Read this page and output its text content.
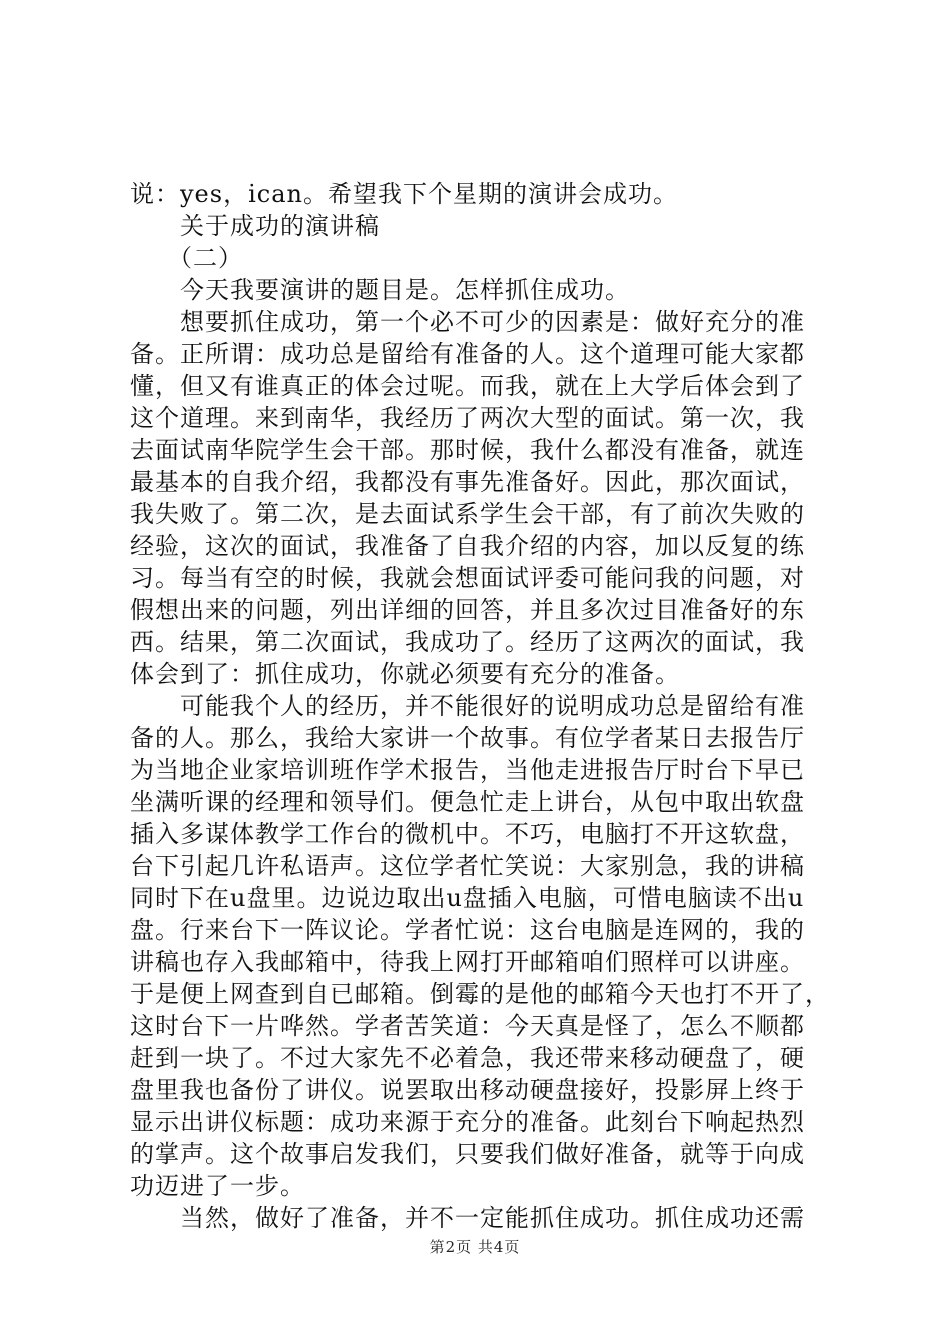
说：yes，ican。希望我下个星期的演讲会成功。
　　关于成功的演讲稿
　　（二）
　　今天我要演讲的题目是。怎样抓住成功。
　　想要抓住成功，第一个必不可少的因素是：做好充分的准
备。正所谓：成功总是留给有准备的人。这个道理可能大家都
懂，但又有谁真正的体会过呢。而我，就在上大学后体会到了
这个道理。来到南华，我经历了两次大型的面试。第一次，我
去面试南华院学生会干部。那时候，我什么都没有准备，就连
最基本的自我介绍，我都没有事先准备好。因此，那次面试，
我失败了。第二次，是去面试系学生会干部，有了前次失败的
经验，这次的面试，我准备了自我介绍的内容，加以反复的练
习。每当有空的时候，我就会想面试评委可能问我的问题，对
假想出来的问题，列出详细的回答，并且多次过目准备好的东
西。结果，第二次面试，我成功了。经历了这两次的面试，我
体会到了：抓住成功，你就必须要有充分的准备。
　　可能我个人的经历，并不能很好的说明成功总是留给有准
备的人。那么，我给大家讲一个故事。有位学者某日去报告厅
为当地企业家培训班作学术报告，当他走进报告厅时台下早已
坐满听课的经理和领导们。便急忙走上讲台，从包中取出软盘
插入多谋体教学工作台的微机中。不巧，电脑打不开这软盘，
台下引起几许私语声。这位学者忙笑说：大家别急，我的讲稿
同时下在u盘里。边说边取出u盘插入电脑，可惜电脑读不出u
盘。行来台下一阵议论。学者忙说：这台电脑是连网的，我的
讲稿也存入我邮箱中，待我上网打开邮箱咱们照样可以讲座。
于是便上网查到自已邮箱。倒霉的是他的邮箱今天也打不开了，
这时台下一片哗然。学者苦笑道：今天真是怪了，怎么不顺都
赶到一块了。不过大家先不必着急，我还带来移动硬盘了，硬
盘里我也备份了讲仪。说罢取出移动硬盘接好，投影屏上终于
显示出讲仪标题：成功来源于充分的准备。此刻台下响起热烈
的掌声。这个故事启发我们，只要我们做好准备，就等于向成
功迈进了一步。
　　当然，做好了准备，并不一定能抓住成功。抓住成功还需
第2页 共4页
